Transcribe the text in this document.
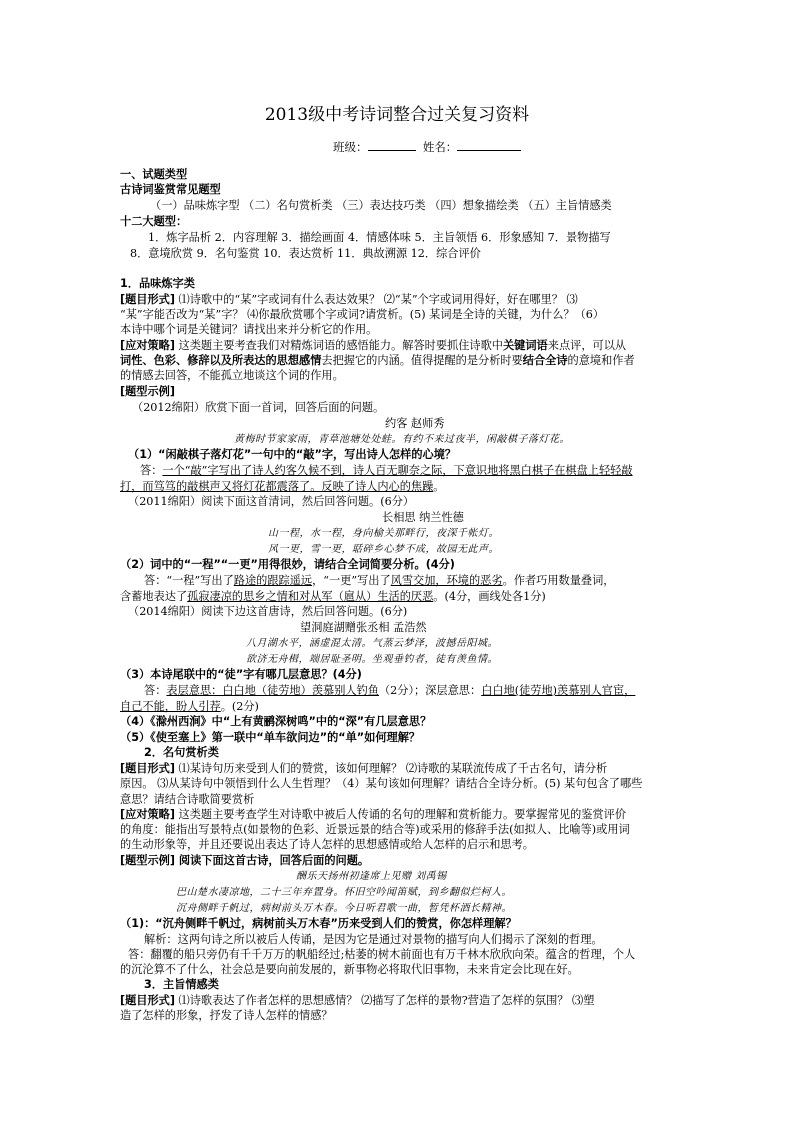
2013级中考诗词整合过关复习资料
班级：	姓名：
一、试题类型
古诗词鉴赏常见题型
（一）品味炼字型 （二）名句赏析类 （三）表达技巧类 （四）想象描绘类 （五）主旨情感类
十二大题型：
1．炼字品析 2．内容理解 3．描绘画面 4．情感体味 5．主旨领悟 6．形象感知 7．景物描写
8．意境欣赏 9．名句鉴赏 10．表达赏析 11．典故溯源 12．综合评价
1．品味炼字类
[题目形式] ⑴诗歌中的“某”字或词有什么表达效果？ ⑵“某”个字或词用得好，好在哪里？ ⑶
“某”字能否改为“某”字？ ⑷你最欣赏哪个字或词?请赏析。(5) 某词是全诗的关键，为什么？（6）
本诗中哪个词是关键词？请找出来并分析它的作用。
[应对策略] 这类题主要考查我们对精炼词语的感悟能力。解答时要抓住诗歌中关键词语来点评，可以从
词性、色彩、修辞以及所表达的思想感情去把握它的内涵。值得提醒的是分析时要结合全诗的意境和作者
的情感去回答，不能孤立地谈这个词的作用。
[题型示例]
（2012绵阳）欣赏下面一首词，回答后面的问题。
约客 赵师秀
黄梅时节家家雨，青草池塘处处蛙。有约不来过夜半，闲敲棋子落灯花。
（1）“闲敲棋子落灯花”一句中的“敲”字，写出诗人怎样的心境？
答：一个“敲”字写出了诗人约客久候不到，诗人百无聊奈之际，下意识地将黑白棋子在棋盘上轻轻敲
打，而笃笃的敲棋声又将灯花都震落了。反映了诗人内心的焦躁。
（2011绵阳）阅读下面这首清词，然后回答问题。(6分）
长相思 纳兰性德
山一程，水一程，身向榆关那畔行，夜深千帐灯。
风一更，雪一更，聒碎乡心梦不成，故园无此声。
（2）词中的“一程”“一更”用得很妙，请结合全词简要分析。(4分)
答：“一程”写出了路途的跟踪遥远，“一更”写出了风雪交加，环境的恶劣。作者巧用数量叠词，
含蓄地表达了孤寂凄凉的思乡之情和对从军（扈从）生活的厌恶。(4分，画线处各1分)
（2014绵阳）阅读下边这首唐诗，然后回答问题。(6分)
望洞庭湖赠张丞相 孟浩然
八月湖水平，涵虚混太清。气蒸云梦泽，波撼岳阳城。
欲济无舟楫，端居耻圣明。坐观垂钓者，徒有羡鱼情。
（3）本诗尾联中的“徒”字有哪几层意思？(4分)
答：表层意思：白白地（徒劳地）羡慕别人钓鱼（2分）；深层意思：白白地(徒劳地)羡慕别人官宦，
自己不能，盼人引荐。(2分)
（4）《滁州西涧》中“上有黄鹂深树鸣”中的“深”有几层意思？
（5）《使至塞上》第一联中“单车欲问边”的“单”如何理解？
2．名句赏析类
[题目形式] ⑴某诗句历来受到人们的赞赏，该如何理解？ ⑵诗歌的某联流传成了千古名句，请分析
原因。 ⑶从某诗句中领悟到什么人生哲理？（4）某句该如何理解？请结合全诗分析。(5) 某句包含了哪些
意思？请结合诗歌简要赏析
[应对策略] 这类题主要考查学生对诗歌中被后人传诵的名句的理解和赏析能力。要掌握常见的鉴赏评价
的角度：能指出写景特点(如景物的色彩、近景远景的结合等)或采用的修辞手法(如拟人、比喻等)或用词
的生动形象等，并且还要说出表达了诗人怎样的思想感情或给人怎样的启示和思考。
[题型示例] 阅读下面这首古诗，回答后面的问题。
酬乐天扬州初逢席上见赠 刘禹锡
巴山楚水凄凉地，二十三年弃置身。怀旧空吟闻笛赋，到乡翻似烂柯人。
沉舟侧畔千帆过，病树前头万木春。今日听君歌一曲，暂凭杯酒长精神。
（1)：“沉舟侧畔千帆过，病树前头万木春”历来受到人们的赞赏，你怎样理解？
解析：这两句诗之所以被后人传诵，是因为它是通过对景物的描写向人们揭示了深刻的哲理。
答：翻覆的船只旁仍有千千万万的帆船经过;枯萎的树木前面也有万千林木欣欣向荣。蕴含的哲理，个人
的沉沦算不了什么，社会总是要向前发展的，新事物必将取代旧事物，未来肯定会比现在好。
3．主旨情感类
[题目形式] ⑴诗歌表达了作者怎样的思想感情？ ⑵描写了怎样的景物?营造了怎样的氛围？ ⑶塑
造了怎样的形象，抒发了诗人怎样的情感？
